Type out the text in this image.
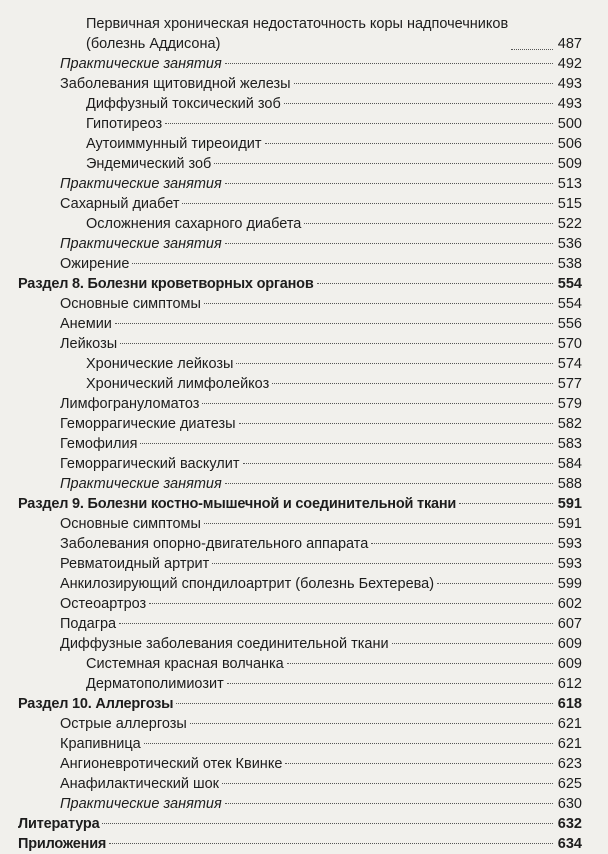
Первичная хроническая недостаточность коры надпочечников
(болезнь Аддисона)	487
Практические занятия	492
Заболевания щитовидной железы	493
Диффузный токсический зоб	493
Гипотиреоз	500
Аутоиммунный тиреоидит	506
Эндемический зоб	509
Практические занятия	513
Сахарный диабет	515
Осложнения сахарного диабета	522
Практические занятия	536
Ожирение	538
Раздел 8. Болезни кроветворных органов	554
Основные симптомы	554
Анемии	556
Лейкозы	570
Хронические лейкозы	574
Хронический лимфолейкоз	577
Лимфогрануломатоз	579
Геморрагические диатезы	582
Гемофилия	583
Геморрагический васкулит	584
Практические занятия	588
Раздел 9. Болезни костно-мышечной и соединительной ткани	591
Основные симптомы	591
Заболевания опорно-двигательного аппарата	593
Ревматоидный артрит	593
Анкилозирующий спондилоартрит (болезнь Бехтерева)	599
Остеоартроз	602
Подагра	607
Диффузные заболевания соединительной ткани	609
Системная красная волчанка	609
Дерматополимиозит	612
Раздел 10. Аллергозы	618
Острые аллергозы	621
Крапивница	621
Ангионевротический отек Квинке	623
Анафилактический шок	625
Практические занятия	630
Литература	632
Приложения	634
